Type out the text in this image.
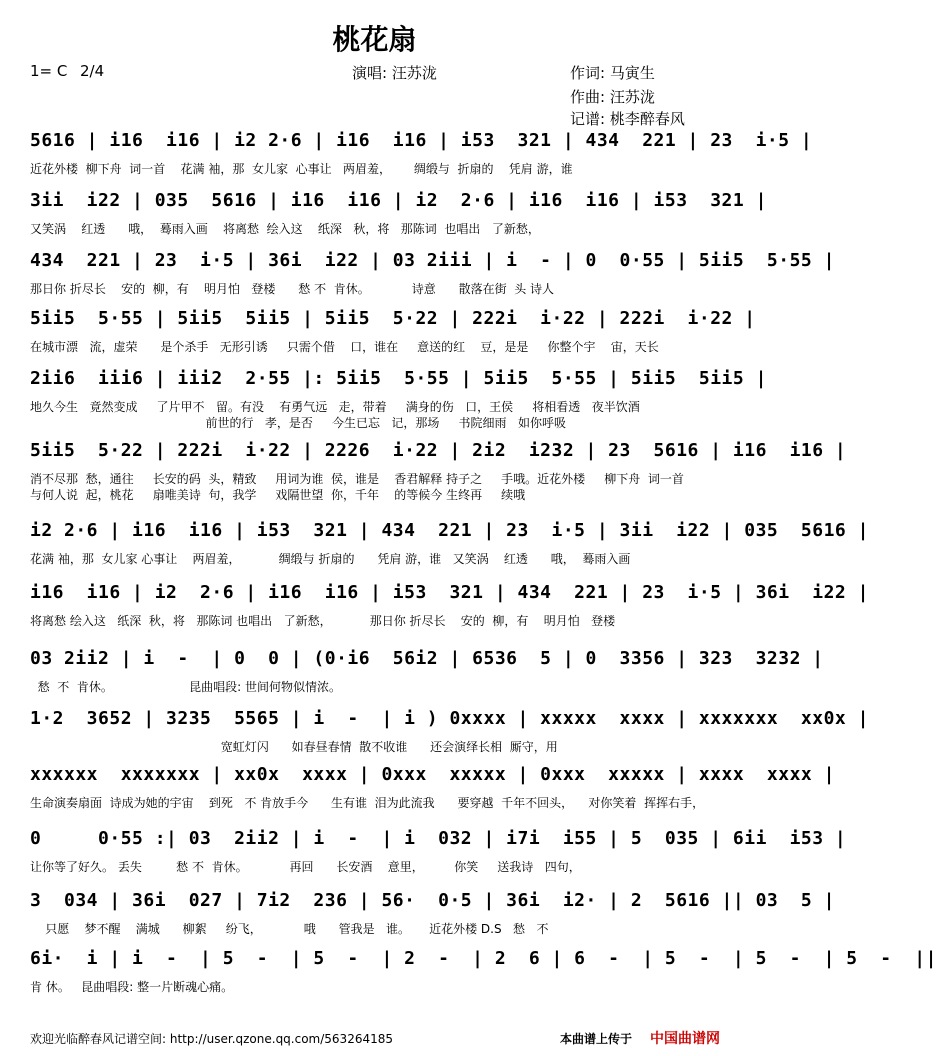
桃花扇
1= C 2/4	演唱: 汪苏泷	作词: 马寅生
作曲: 汪苏泷
记谱: 桃李醉春风
5616 | i16  i16 | i2 2·6 | i16  i16 | i53  321 | 434  221 | 23  i·5 |
近花外楼  柳下舟  词一首    花满 袖，那  女儿家  心事让   两眉羞，      绸缎与  折扇的    凭肩 游，谁
3ii  i22 | 035  5616 | i16  i16 | i2  2·6 | i16  i16 | i53  321 |
又笑涡    红透      哦，  蓦雨入画    将离愁  绘入这    纸深   秋，将   那陈词  也唱出   了新愁，
434  221 | 23  i·5 | 36i  i22 | 03 2iii | i  - | 0  0·55 | 5ii5  5·55 |
那日你 折尽长    安的  柳，有    明月怕   登楼      愁 不  肯休。           诗意      散落在街  头 诗人
5ii5  5·55 | 5ii5  5ii5 | 5ii5  5·22 | 222i  i·22 | 222i  i·22 |
在城市漂   流，虚荣      是个杀手   无形引诱     只需个借    口，谁在     意送的红    豆，是是     你整个宇    宙，天长
2ii6  iii6 | iii2  2·55 |: 5ii5  5·55 | 5ii5  5·55 | 5ii5  5ii5 |
地久今生   竟然变成     了片甲不   留。有没    有勇气远   走，带着     满身的伤   口，王侯     将相看透   夜半饮酒
前世的行   孝，是否     今生已忘   记，那场     书院细雨   如你呼吸
5ii5  5·22 | 222i  i·22 | 2226  i·22 | 2i2  i232 | 23  5616 | i16  i16 |
消不尽那  愁，通往     长安的码  头，精致     用词为谁  侯，谁是    香君解释 持子之     手哦。近花外楼     柳下舟  词一首
与何人说  起，桃花     扇唯美诗  句，我学     戏隔世望  你，千年    的等候今 生终再     续哦
i2 2·6 | i16  i16 | i53  321 | 434  221 | 23  i·5 | 3ii  i22 | 035  5616 |
花满 袖，那  女儿家 心事让    两眉羞，          绸缎与 折扇的      凭肩 游，谁   又笑涡    红透      哦，  蓦雨入画
i16  i16 | i2  2·6 | i16  i16 | i53  321 | 434  221 | 23  i·5 | 36i  i22 |
将离愁 绘入这   纸深  秋，将   那陈词 也唱出   了新愁，          那日你 折尽长    安的  柳，有    明月怕   登楼
03 2ii2 | i  -  | 0  0 | (0·i6  56i2 | 6536  5 | 0  3356 | 323  3232 |
愁  不  肯休。                    昆曲唱段: 世间何物似情浓。
1·2  3652 | 3235  5565 | i  -  | i ) 0xxxx | xxxxx  xxxx | xxxxxxx  xx0x |
宽虹灯闪      如春昼春情  散不收谁      还会演绎长相  厮守，用
xxxxxx  xxxxxxx | xx0x  xxxx | 0xxx  xxxxx | 0xxx  xxxxx | xxxx  xxxx |
生命演奏扇面  诗成为她的宇宙    到死   不 肯放手今      生有谁  泪为此流我      要穿越  千年不回头，    对你笑着  挥挥右手，
0     0·55 :| 03  2ii2 | i  -  | i  032 | i7i  i55 | 5  035 | 6ii  i53 |
让你等了好久。 丢失         愁 不  肯休。           再回      长安酒    意里，        你笑     送我诗   四句，
3  034 | 36i  027 | 7i2  236 | 56·  0·5 | 36i  i2· | 2  5616 || 03  5 |
只愿    梦不醒    满城      柳絮     纷飞，           哦      管我是   谁。     近花外楼 D.S   愁   不
6i·  i | i  -  | 5  -  | 5  -  | 2  -  | 2  6 | 6  -  | 5  -  | 5  -  | 5  -  ||
肯 休。   昆曲唱段: 整一片断魂心痛。
欢迎光临醉春风记谱空间: http://user.qzone.qq.com/563264185	本曲谱上传于 中国曲谱网
